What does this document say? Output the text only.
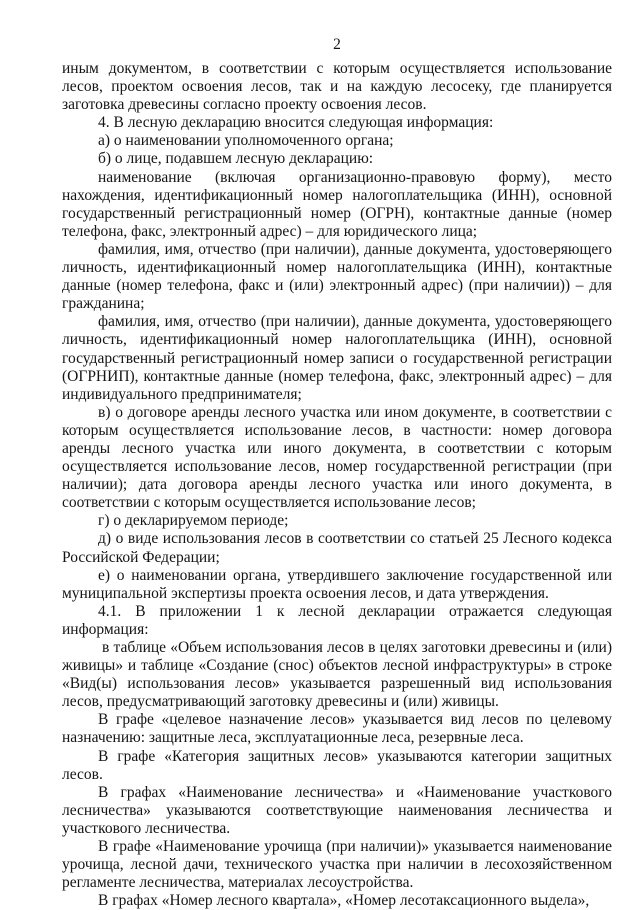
2

иным документом, в соответствии с которым осуществляется использование лесов, проектом освоения лесов, так и на каждую лесосеку, где планируется заготовка древесины согласно проекту освоения лесов.

4. В лесную декларацию вносится следующая информация:

а) о наименовании уполномоченного органа;

б) о лице, подавшем лесную декларацию:

наименование (включая организационно-правовую форму), место нахождения, идентификационный номер налогоплательщика (ИНН), основной государственный регистрационный номер (ОГРН), контактные данные (номер телефона, факс, электронный адрес) – для юридического лица;

фамилия, имя, отчество (при наличии), данные документа, удостоверяющего личность, идентификационный номер налогоплательщика (ИНН), контактные данные (номер телефона, факс и (или) электронный адрес) (при наличии)) – для гражданина;

фамилия, имя, отчество (при наличии), данные документа, удостоверяющего личность, идентификационный номер налогоплательщика (ИНН), основной государственный регистрационный номер записи о государственной регистрации (ОГРНИП), контактные данные (номер телефона, факс, электронный адрес) – для индивидуального предпринимателя;

в) о договоре аренды лесного участка или ином документе, в соответствии с которым осуществляется использование лесов, в частности: номер договора аренды лесного участка или иного документа, в соответствии с которым осуществляется использование лесов, номер государственной регистрации (при наличии); дата договора аренды лесного участка или иного документа, в соответствии с которым осуществляется использование лесов;

г) о декларируемом периоде;

д) о виде использования лесов в соответствии со статьей 25 Лесного кодекса Российской Федерации;

е) о наименовании органа, утвердившего заключение государственной или муниципальной экспертизы проекта освоения лесов, и дата утверждения.

4.1. В приложении 1 к лесной декларации отражается следующая информация:

в таблице «Объем использования лесов в целях заготовки древесины и (или) живицы» и таблице «Создание (снос) объектов лесной инфраструктуры» в строке «Вид(ы) использования лесов» указывается разрешенный вид использования лесов, предусматривающий заготовку древесины и (или) живицы.

В графе «целевое назначение лесов» указывается вид лесов по целевому назначению: защитные леса, эксплуатационные леса, резервные леса.

В графе «Категория защитных лесов» указываются категории защитных лесов.

В графах «Наименование лесничества» и «Наименование участкового лесничества» указываются соответствующие наименования лесничества и участкового лесничества.

В графе «Наименование урочища (при наличии)» указывается наименование урочища, лесной дачи, технического участка при наличии в лесохозяйственном регламенте лесничества, материалах лесоустройства.

В графах «Номер лесного квартала», «Номер лесотаксационного выдела»,
